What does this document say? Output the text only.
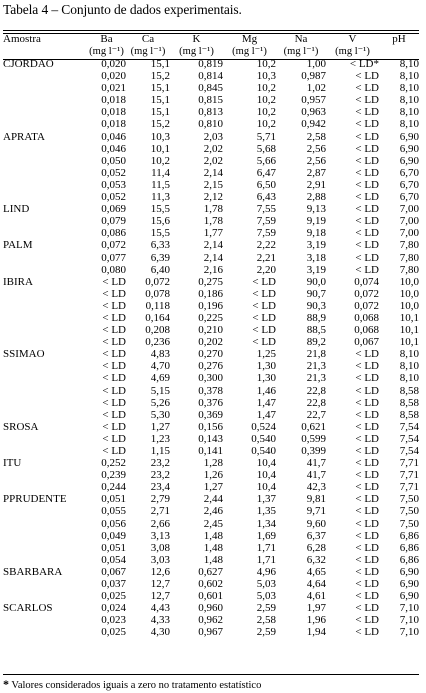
Tabela 4 – Conjunto de dados experimentais.
Amostra	Ba	Ca	K	Mg	Na	V	pH
	(mg l⁻¹)	(mg l⁻¹)	(mg l⁻¹)	(mg l⁻¹)	(mg l⁻¹)	(mg l⁻¹)	
CJORDAO	0,020	15,1	0,819	10,2	1,00	< LD*	8,10
	0,020	15,2	0,814	10,3	0,987	< LD	8,10
	0,021	15,1	0,845	10,2	1,02	< LD	8,10
	0,018	15,1	0,815	10,2	0,957	< LD	8,10
	0,018	15,1	0,813	10,2	0,963	< LD	8,10
	0,018	15,2	0,810	10,2	0,942	< LD	8,10
APRATA	0,046	10,3	2,03	5,71	2,58	< LD	6,90
	0,046	10,1	2,02	5,68	2,56	< LD	6,90
	0,050	10,2	2,02	5,66	2,56	< LD	6,90
	0,052	11,4	2,14	6,47	2,87	< LD	6,70
	0,053	11,5	2,15	6,50	2,91	< LD	6,70
	0,052	11,3	2,12	6,43	2,88	< LD	6,70
LIND	0,069	15,5	1,78	7,55	9,13	< LD	7,00
	0,079	15,6	1,78	7,59	9,19	< LD	7,00
	0,086	15,5	1,77	7,59	9,18	< LD	7,00
PALM	0,072	6,33	2,14	2,22	3,19	< LD	7,80
	0,077	6,39	2,14	2,21	3,18	< LD	7,80
	0,080	6,40	2,16	2,20	3,19	< LD	7,80
IBIRA	< LD	0,072	0,275	< LD	90,0	0,074	10,0
	< LD	0,078	0,186	< LD	90,7	0,072	10,0
	< LD	0,118	0,196	< LD	90,3	0,072	10,0
	< LD	0,164	0,225	< LD	88,9	0,068	10,1
	< LD	0,208	0,210	< LD	88,5	0,068	10,1
	< LD	0,236	0,202	< LD	89,2	0,067	10,1
SSIMAO	< LD	4,83	0,270	1,25	21,8	< LD	8,10
	< LD	4,70	0,276	1,30	21,3	< LD	8,10
	< LD	4,69	0,300	1,30	21,3	< LD	8,10
	< LD	5,15	0,378	1,46	22,8	< LD	8,58
	< LD	5,26	0,376	1,47	22,8	< LD	8,58
	< LD	5,30	0,369	1,47	22,7	< LD	8,58
SROSA	< LD	1,27	0,156	0,524	0,621	< LD	7,54
	< LD	1,23	0,143	0,540	0,599	< LD	7,54
	< LD	1,15	0,141	0,540	0,399	< LD	7,54
ITU	0,252	23,2	1,28	10,4	41,7	< LD	7,71
	0,239	23,2	1,26	10,4	41,7	< LD	7,71
	0,244	23,4	1,27	10,4	42,3	< LD	7,71
PPRUDENTE	0,051	2,79	2,44	1,37	9,81	< LD	7,50
	0,055	2,71	2,46	1,35	9,71	< LD	7,50
	0,056	2,66	2,45	1,34	9,60	< LD	7,50
	0,049	3,13	1,48	1,69	6,37	< LD	6,86
	0,051	3,08	1,48	1,71	6,28	< LD	6,86
	0,054	3,03	1,48	1,71	6,32	< LD	6,86
SBARBARA	0,067	12,6	0,627	4,96	4,65	< LD	6,90
	0,037	12,7	0,602	5,03	4,64	< LD	6,90
	0,025	12,7	0,601	5,03	4,61	< LD	6,90
SCARLOS	0,024	4,43	0,960	2,59	1,97	< LD	7,10
	0,023	4,33	0,962	2,58	1,96	< LD	7,10
	0,025	4,30	0,967	2,59	1,94	< LD	7,10
* Valores considerados iguais a zero no tratamento estatístico
